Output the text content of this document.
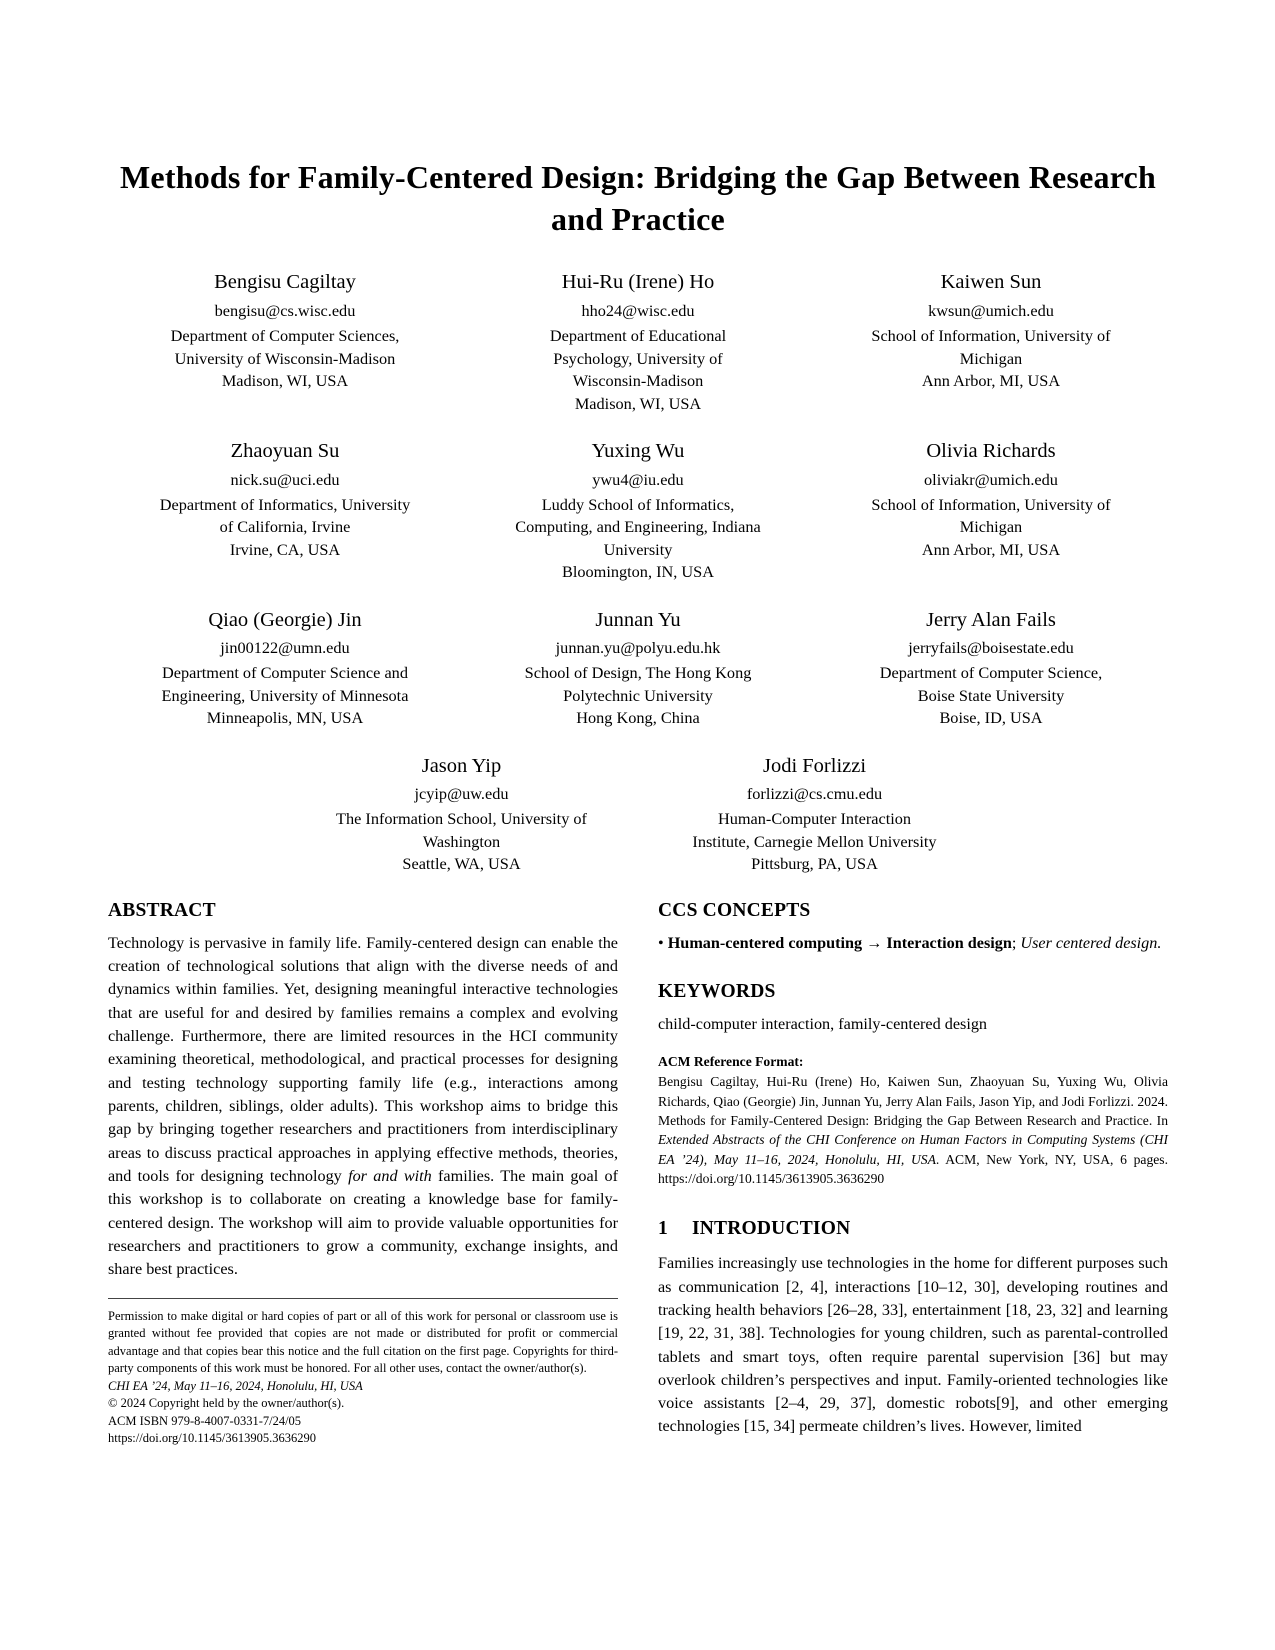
Methods for Family-Centered Design: Bridging the Gap Between Research and Practice
Bengisu Cagiltay
bengisu@cs.wisc.edu
Department of Computer Sciences,
University of Wisconsin-Madison
Madison, WI, USA
Hui-Ru (Irene) Ho
hho24@wisc.edu
Department of Educational
Psychology, University of
Wisconsin-Madison
Madison, WI, USA
Kaiwen Sun
kwsun@umich.edu
School of Information, University of
Michigan
Ann Arbor, MI, USA
Zhaoyuan Su
nick.su@uci.edu
Department of Informatics, University
of California, Irvine
Irvine, CA, USA
Yuxing Wu
ywu4@iu.edu
Luddy School of Informatics,
Computing, and Engineering, Indiana
University
Bloomington, IN, USA
Olivia Richards
oliviakr@umich.edu
School of Information, University of
Michigan
Ann Arbor, MI, USA
Qiao (Georgie) Jin
jin00122@umn.edu
Department of Computer Science and
Engineering, University of Minnesota
Minneapolis, MN, USA
Junnan Yu
junnan.yu@polyu.edu.hk
School of Design, The Hong Kong
Polytechnic University
Hong Kong, China
Jerry Alan Fails
jerryfails@boisestate.edu
Department of Computer Science,
Boise State University
Boise, ID, USA
Jason Yip
jcyip@uw.edu
The Information School, University of
Washington
Seattle, WA, USA
Jodi Forlizzi
forlizzi@cs.cmu.edu
Human-Computer Interaction
Institute, Carnegie Mellon University
Pittsburg, PA, USA
ABSTRACT

Technology is pervasive in family life. Family-centered design can enable the creation of technological solutions that align with the diverse needs of and dynamics within families. Yet, designing meaningful interactive technologies that are useful for and desired by families remains a complex and evolving challenge. Furthermore, there are limited resources in the HCI community examining theoretical, methodological, and practical processes for designing and testing technology supporting family life (e.g., interactions among parents, children, siblings, older adults). This workshop aims to bridge this gap by bringing together researchers and practitioners from interdisciplinary areas to discuss practical approaches in applying effective methods, theories, and tools for designing technology for and with families. The main goal of this workshop is to collaborate on creating a knowledge base for family-centered design. The workshop will aim to provide valuable opportunities for researchers and practitioners to grow a community, exchange insights, and share best practices.

Permission to make digital or hard copies of part or all of this work for personal or classroom use is granted without fee provided that copies are not made or distributed for profit or commercial advantage and that copies bear this notice and the full citation on the first page. Copyrights for third-party components of this work must be honored. For all other uses, contact the owner/author(s).

CHI EA ’24, May 11–16, 2024, Honolulu, HI, USA

© 2024 Copyright held by the owner/author(s).

ACM ISBN 979-8-4007-0331-7/24/05

https://doi.org/10.1145/3613905.3636290

CCS CONCEPTS

• Human-centered computing → Interaction design; User centered design.

KEYWORDS

child-computer interaction, family-centered design

ACM Reference Format:

Bengisu Cagiltay, Hui-Ru (Irene) Ho, Kaiwen Sun, Zhaoyuan Su, Yuxing Wu, Olivia Richards, Qiao (Georgie) Jin, Junnan Yu, Jerry Alan Fails, Jason Yip, and Jodi Forlizzi. 2024. Methods for Family-Centered Design: Bridging the Gap Between Research and Practice. In Extended Abstracts of the CHI Conference on Human Factors in Computing Systems (CHI EA ’24), May 11–16, 2024, Honolulu, HI, USA. ACM, New York, NY, USA, 6 pages. https://doi.org/10.1145/3613905.3636290

1 INTRODUCTION

Families increasingly use technologies in the home for different purposes such as communication [2, 4], interactions [10–12, 30], developing routines and tracking health behaviors [26–28, 33], entertainment [18, 23, 32] and learning [19, 22, 31, 38]. Technologies for young children, such as parental-controlled tablets and smart toys, often require parental supervision [36] but may overlook children’s perspectives and input. Family-oriented technologies like voice assistants [2–4, 29, 37], domestic robots[9], and other emerging technologies [15, 34] permeate children’s lives. However, limited
